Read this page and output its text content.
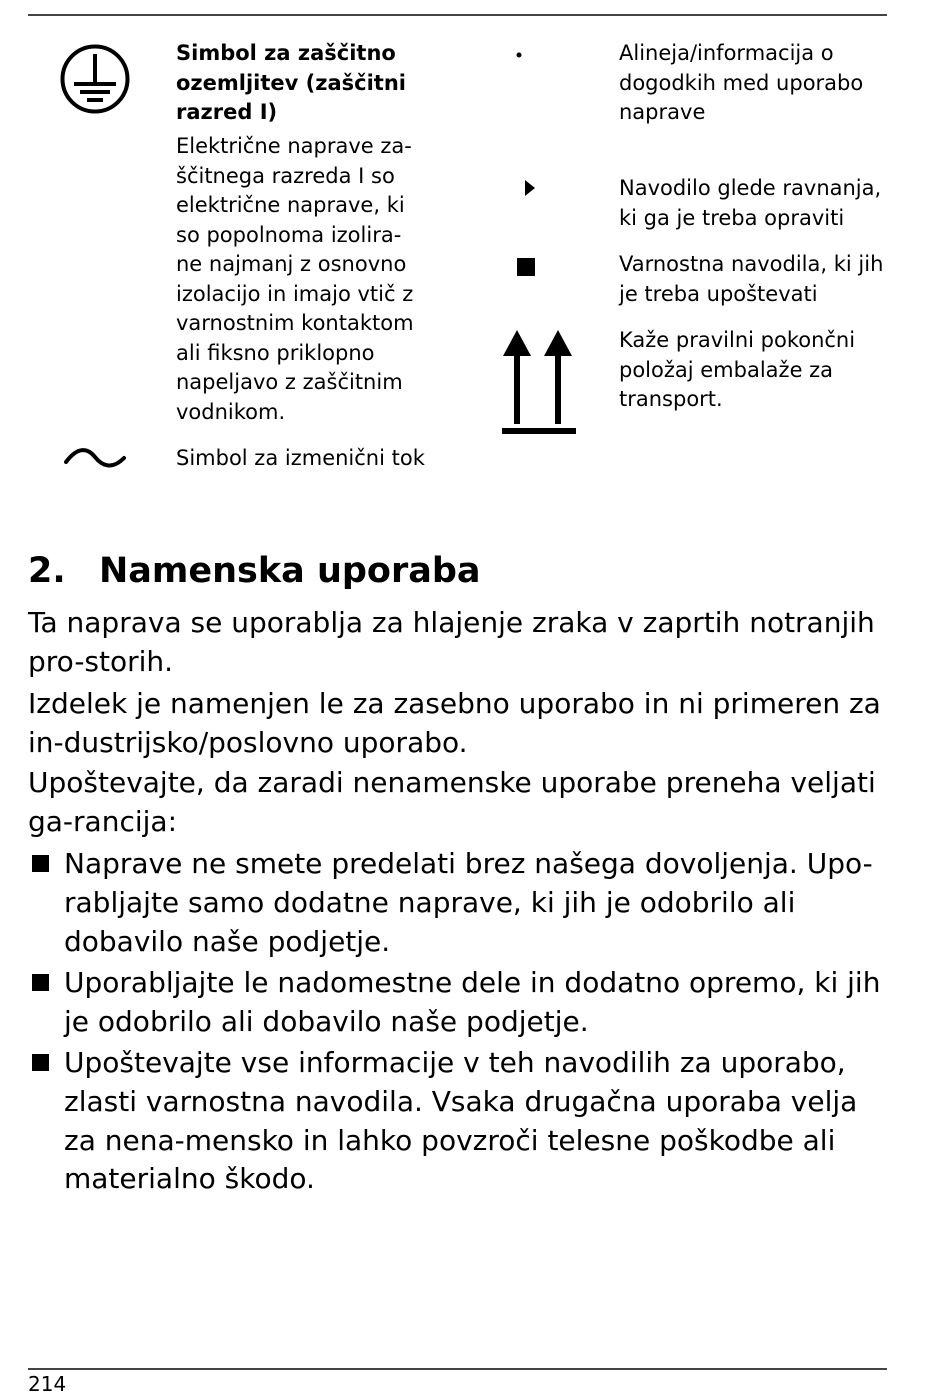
Simbol za zaščitno ozemljitev (zaščitni razred I)
Električne naprave za-ščitnega razreda I so električne naprave, ki so popolnoma izolira-ne najmanj z osnovno izolacijo in imajo vtič z varnostnim kontaktom ali fiksno priklopno napeljavo z zaščitnim vodnikom.
Simbol za izmenični tok
Alineja/informacija o dogodkih med uporabo naprave
Navodilo glede ravnanja, ki ga je treba opraviti
Varnostna navodila, ki jih je treba upoštevati
Kaže pravilni pokončni položaj embalaže za transport.
2. Namenska uporaba
Ta naprava se uporablja za hlajenje zraka v zaprtih notranjih pro-storih.
Izdelek je namenjen le za zasebno uporabo in ni primeren za in-dustrijsko/poslovno uporabo.
Upoštevajte, da zaradi nenamenske uporabe preneha veljati ga-rancija:
Naprave ne smete predelati brez našega dovoljenja. Upo-rabljajte samo dodatne naprave, ki jih je odobrilo ali dobavilo naše podjetje.
Uporabljajte le nadomestne dele in dodatno opremo, ki jih je odobrilo ali dobavilo naše podjetje.
Upoštevajte vse informacije v teh navodilih za uporabo, zlasti varnostna navodila. Vsaka drugačna uporaba velja za nena-mensko in lahko povzroči telesne poškodbe ali materialno škodo.
214
